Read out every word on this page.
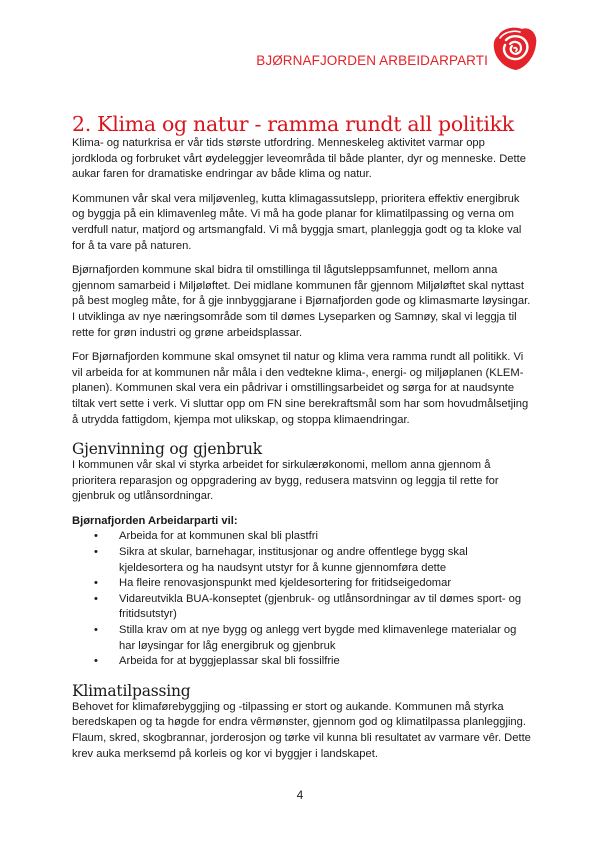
BJØRNAFJORDEN ARBEIDARPARTI
2. Klima og natur - ramma rundt all politikk

Klima- og naturkrisa er vår tids største utfordring. Menneskeleg aktivitet varmar opp jordkloda og forbruket vårt øydeleggjer leveområda til både planter, dyr og menneske. Dette aukar faren for dramatiske endringar av både klima og natur.

Kommunen vår skal vera miljøvenleg, kutta klimagassutslepp, prioritera effektiv energibruk og byggja på ein klimavenleg måte. Vi må ha gode planar for klimatilpassing og verna om verdfull natur, matjord og artsmangfald. Vi må byggja smart, planleggja godt og ta kloke val for å ta vare på naturen.

Bjørnafjorden kommune skal bidra til omstillinga til lågutsleppsamfunnet, mellom anna gjennom samarbeid i Miljøløftet. Dei midlane kommunen får gjennom Miljøløftet skal nyttast på best mogleg måte, for å gje innbyggjarane i Bjørnafjorden gode og klimasmarte løysingar. I utviklinga av nye næringsområde som til dømes Lyseparken og Samnøy, skal vi leggja til rette for grøn industri og grøne arbeidsplassar.

For Bjørnafjorden kommune skal omsynet til natur og klima vera ramma rundt all politikk. Vi vil arbeida for at kommunen når måla i den vedtekne klima-, energi- og miljøplanen (KLEM-planen). Kommunen skal vera ein pådrivar i omstillingsarbeidet og sørga for at naudsynte tiltak vert sette i verk. Vi sluttar opp om FN sine berekraftsmål som har som hovudmålsetjing å utrydda fattigdom, kjempa mot ulikskap, og stoppa klimaendringar.

Gjenvinning og gjenbruk

I kommunen vår skal vi styrka arbeidet for sirkulærøkonomi, mellom anna gjennom å prioritera reparasjon og oppgradering av bygg, redusera matsvinn og leggja til rette for gjenbruk og utlånsordningar.

Bjørnafjorden Arbeidarparti vil:

• Arbeida for at kommunen skal bli plastfri
• Sikra at skular, barnehagar, institusjonar og andre offentlege bygg skal kjeldesortera og ha naudsynt utstyr for å kunne gjennomføra dette
• Ha fleire renovasjonspunkt med kjeldesortering for fritidseigedomar
• Vidareutvikla BUA-konseptet (gjenbruk- og utlånsordningar av til dømes sport- og fritidsutstyr)
• Stilla krav om at nye bygg og anlegg vert bygde med klimavenlege materialar og har løysingar for låg energibruk og gjenbruk
• Arbeida for at byggjeplassar skal bli fossilfrie
Klimatilpassing

Behovet for klimaførebyggjing og -tilpassing er stort og aukande. Kommunen må styrka beredskapen og ta høgde for endra vêrmønster, gjennom god og klimatilpassa planleggjing. Flaum, skred, skogbrannar, jorderosjon og tørke vil kunna bli resultatet av varmare vêr. Dette krev auka merksemd på korleis og kor vi byggjer i landskapet.

4
